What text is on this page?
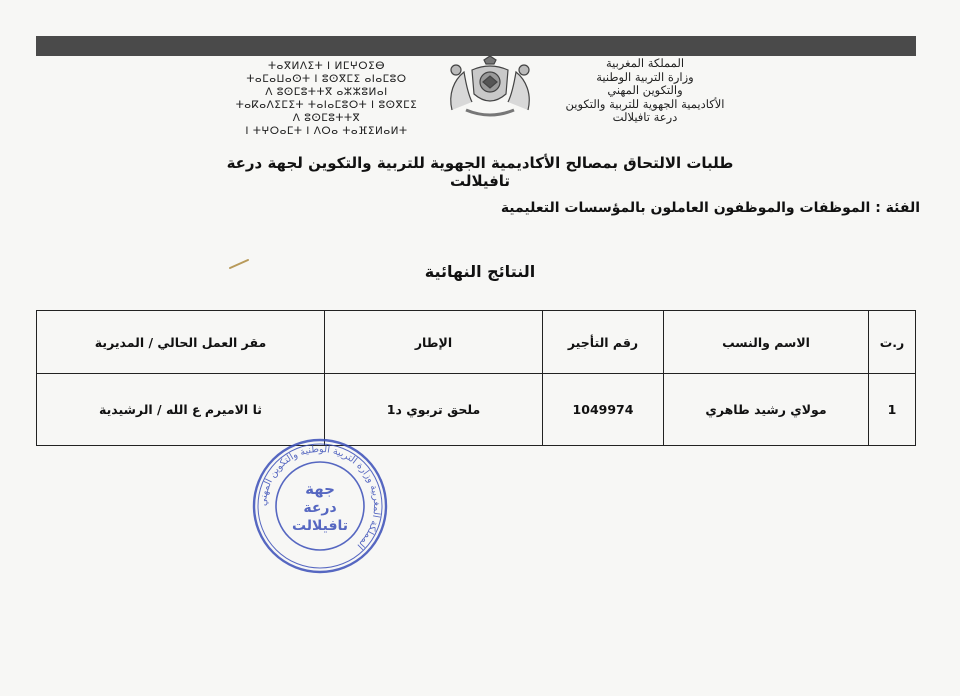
ⵜⴰⴳⵍⴷⵉⵜ ⵏ ⵍⵎⵖⵔⵉⴱ
ⵜⴰⵎⴰⵡⴰⵙⵜ ⵏ ⵓⵙⴳⵎⵉ ⴰⵏⴰⵎⵓⵔ
ⴷ ⵓⵙⵎⵓⵜⵜⴳ ⴰⵣⵣⵓⵍⴰⵏ
ⵜⴰⴽⴰⴷⵉⵎⵉⵜ ⵜⴰⵏⴰⵎⵓⵔⵜ ⵏ ⵓⵙⴳⵎⵉ
ⴷ ⵓⵙⵎⵓⵜⵜⴳ
ⵏ ⵜⵖⵔⴰⵎⵜ ⵏ ⴷⵔⴰ ⵜⴰⴼⵉⵍⴰⵍⵜ
المملكة المغربية
وزارة التربية الوطنية
والتكوين المهني
الأكاديمية الجهوية للتربية والتكوين
درعة تافيلالت
طلبات الالتحاق بمصالح الأكاديمية الجهوية للتربية والتكوين لجهة درعة تافيلالت
الفئة : الموظفات والموظفون العاملون بالمؤسسات التعليمية
النتائج النهائية
ر.ت	الاسم والنسب	رقم التأجير	الإطار	مقر العمل الحالي / المديرية
1	مولاي رشيد طاهري	1049974	ملحق تربوي د1	ثا الاميرم ع الله / الرشيدية
المملكة المغربية وزارة التربية الوطنية والتكوين المهني
جهة
درعة
تافيلالت
